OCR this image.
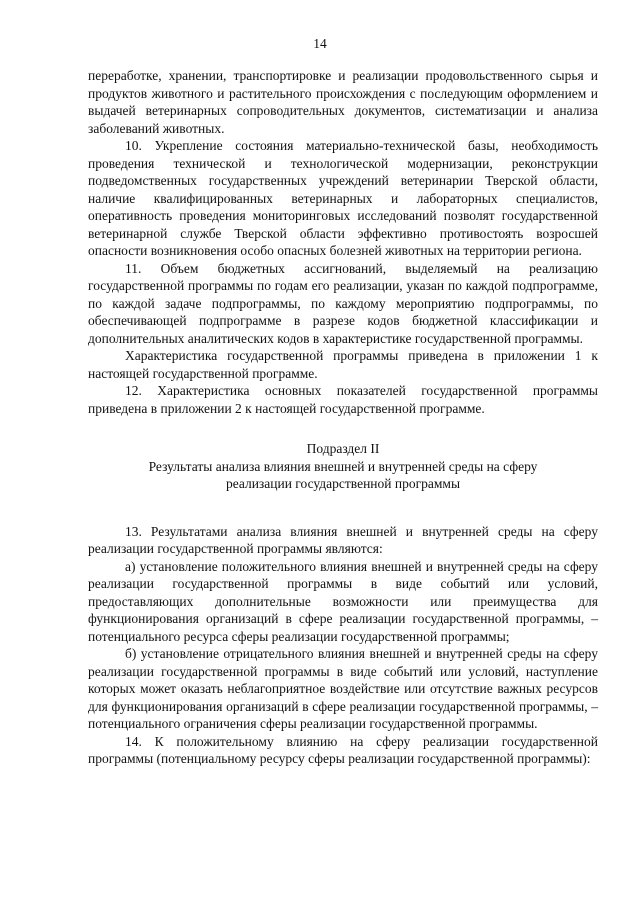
14

переработке, хранении, транспортировке и реализации продовольственного сырья и продуктов животного и растительного происхождения с последующим оформлением и выдачей ветеринарных сопроводительных документов, систематизации и анализа заболеваний животных.

10. Укрепление состояния материально-технической базы, необходимость проведения технической и технологической модернизации, реконструкции подведомственных государственных учреждений ветеринарии Тверской области, наличие квалифицированных ветеринарных и лабораторных специалистов, оперативность проведения мониторинговых исследований позволят государственной ветеринарной службе Тверской области эффективно противостоять возросшей опасности возникновения особо опасных болезней животных на территории региона.

11. Объем бюджетных ассигнований, выделяемый на реализацию государственной программы по годам его реализации, указан по каждой подпрограмме, по каждой задаче подпрограммы, по каждому мероприятию подпрограммы, по обеспечивающей подпрограмме в разрезе кодов бюджетной классификации и дополнительных аналитических кодов в характеристике государственной программы.

Характеристика государственной программы приведена в приложении 1 к настоящей государственной программе.

12. Характеристика основных показателей государственной программы приведена в приложении 2 к настоящей государственной программе.

Подраздел II

Результаты анализа влияния внешней и внутренней среды на сферу

реализации государственной программы

13. Результатами анализа влияния внешней и внутренней среды на сферу реализации государственной программы являются:

а) установление положительного влияния внешней и внутренней среды на сферу реализации государственной программы в виде событий или условий, предоставляющих дополнительные возможности или преимущества для функционирования организаций в сфере реализации государственной программы, – потенциального ресурса сферы реализации государственной программы;

б) установление отрицательного влияния внешней и внутренней среды на сферу реализации государственной программы в виде событий или условий, наступление которых может оказать неблагоприятное воздействие или отсутствие важных ресурсов для функционирования организаций в сфере реализации государственной программы, – потенциального ограничения сферы реализации государственной программы.

14. К положительному влиянию на сферу реализации государственной программы (потенциальному ресурсу сферы реализации государственной программы):
